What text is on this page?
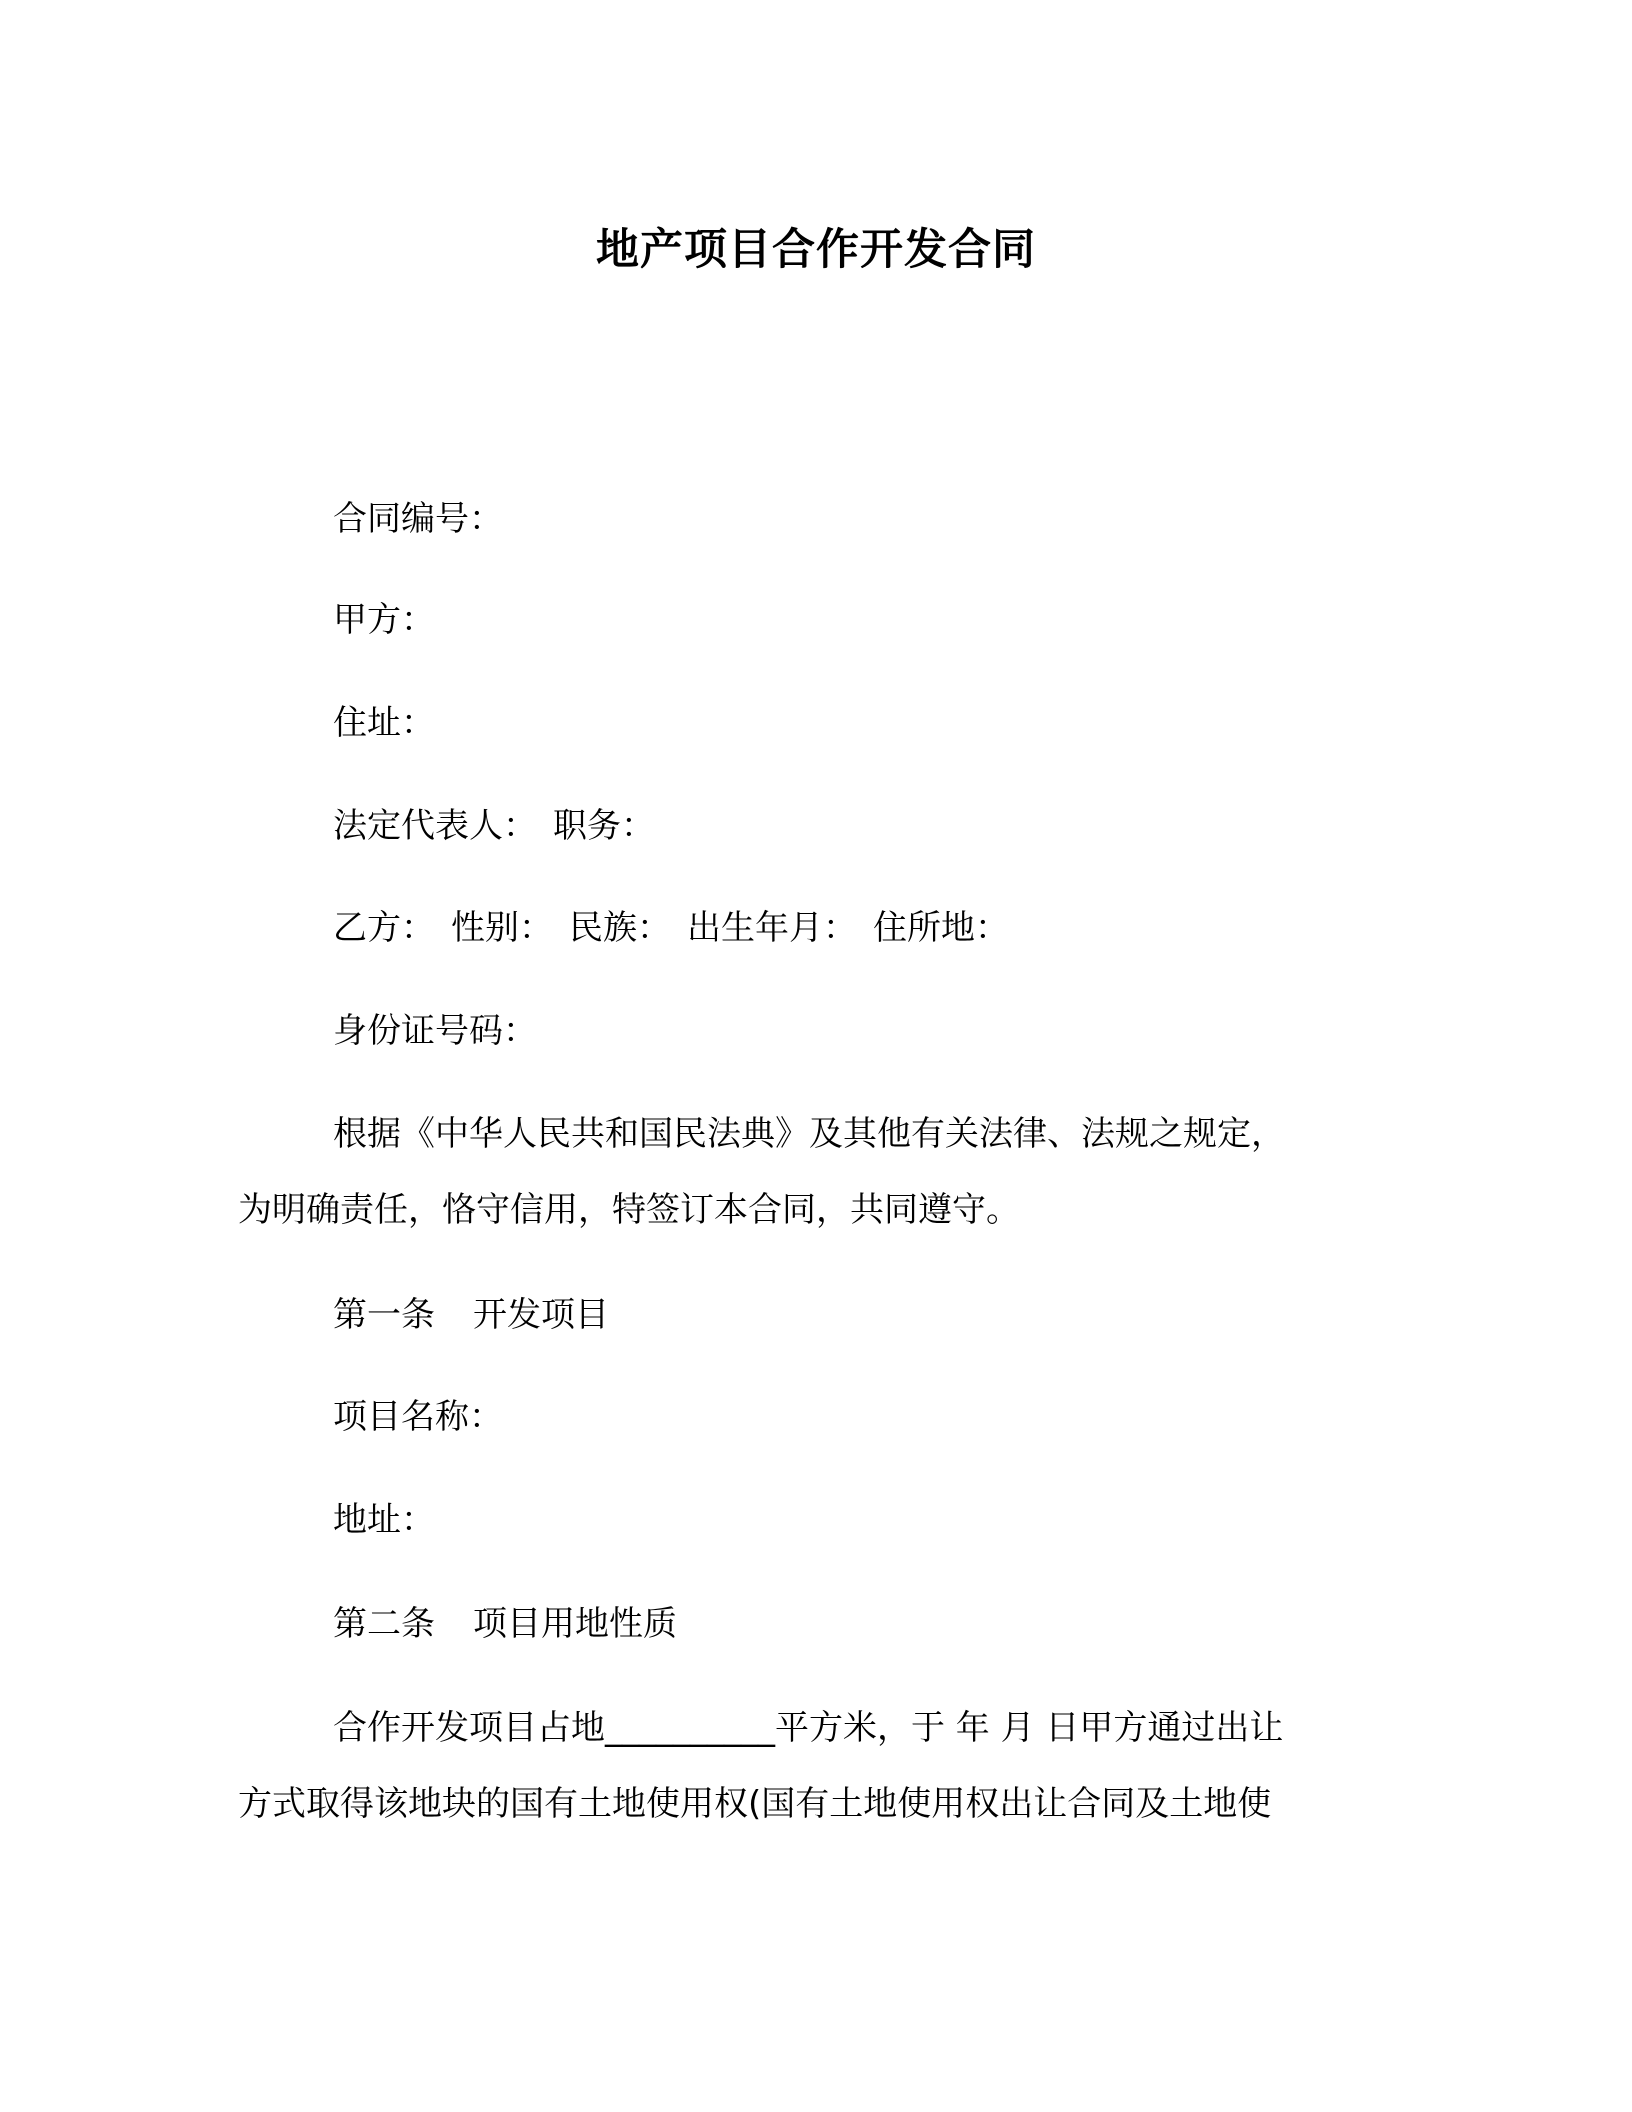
地产项目合作开发合同
合同编号：
甲方：
住址：
法定代表人： 职务：
乙方： 性别： 民族： 出生年月： 住所地：
身份证号码：
根据《中华人民共和国民法典》及其他有关法律、法规之规定，
为明确责任，恪守信用，特签订本合同，共同遵守。
第一条 开发项目
项目名称：
地址：
第二条 项目用地性质
合作开发项目占地__________平方米，于 年 月 日甲方通过出让
方式取得该地块的国有土地使用权(国有土地使用权出让合同及土地使
